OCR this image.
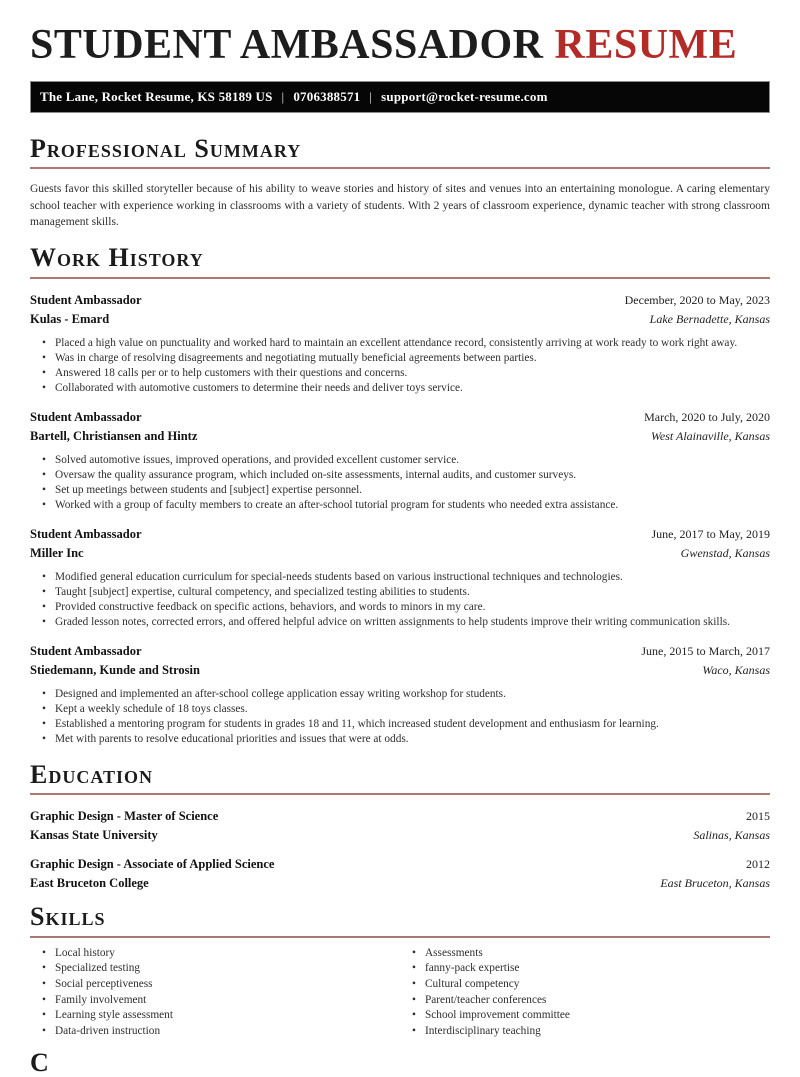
STUDENT AMBASSADOR RESUME
The Lane, Rocket Resume, KS 58189 US | 0706388571 | support@rocket-resume.com
Professional Summary

Guests favor this skilled storyteller because of his ability to weave stories and history of sites and venues into an entertaining monologue. A caring elementary school teacher with experience working in classrooms with a variety of students. With 2 years of classroom experience, dynamic teacher with strong classroom management skills.

Work History
Student Ambassador	December, 2020 to May, 2023
Kulas - Emard	Lake Bernadette, Kansas
• Placed a high value on punctuality and worked hard to maintain an excellent attendance record, consistently arriving at work ready to work right away.
• Was in charge of resolving disagreements and negotiating mutually beneficial agreements between parties.
• Answered 18 calls per or to help customers with their questions and concerns.
• Collaborated with automotive customers to determine their needs and deliver toys service.
Student Ambassador	March, 2020 to July, 2020
Bartell, Christiansen and Hintz	West Alainaville, Kansas
• Solved automotive issues, improved operations, and provided excellent customer service.
• Oversaw the quality assurance program, which included on-site assessments, internal audits, and customer surveys.
• Set up meetings between students and [subject] expertise personnel.
• Worked with a group of faculty members to create an after-school tutorial program for students who needed extra assistance.
Student Ambassador	June, 2017 to May, 2019
Miller Inc	Gwenstad, Kansas
• Modified general education curriculum for special-needs students based on various instructional techniques and technologies.
• Taught [subject] expertise, cultural competency, and specialized testing abilities to students.
• Provided constructive feedback on specific actions, behaviors, and words to minors in my care.
• Graded lesson notes, corrected errors, and offered helpful advice on written assignments to help students improve their writing communication skills.
Student Ambassador	June, 2015 to March, 2017
Stiedemann, Kunde and Strosin	Waco, Kansas
• Designed and implemented an after-school college application essay writing workshop for students.
• Kept a weekly schedule of 18 toys classes.
• Established a mentoring program for students in grades 18 and 11, which increased student development and enthusiasm for learning.
• Met with parents to resolve educational priorities and issues that were at odds.
Education
Graphic Design - Master of Science	2015
Kansas State University	Salinas, Kansas
Graphic Design - Associate of Applied Science	2012
East Bruceton College	East Bruceton, Kansas
Skills
• Local history
• Specialized testing
• Social perceptiveness
• Family involvement
• Learning style assessment
• Data-driven instruction
• Assessments
• fanny-pack expertise
• Cultural competency
• Parent/teacher conferences
• School improvement committee
• Interdisciplinary teaching
C
